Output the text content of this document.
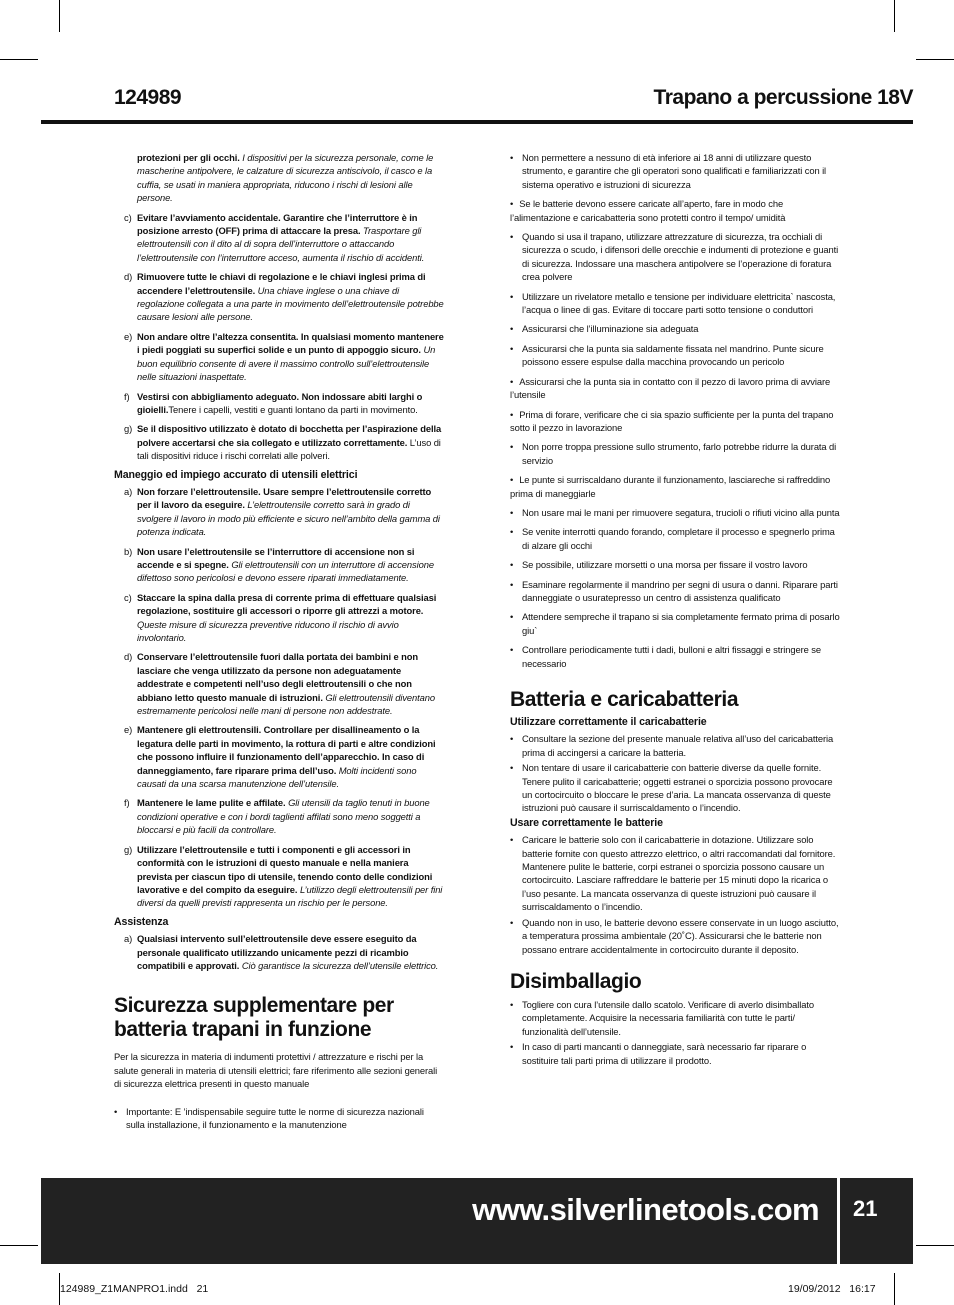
124989	Trapano a percussione 18V
protezioni per gli occhi. I dispositivi per la sicurezza personale, come le mascherine antipolvere, le calzature di sicurezza antiscivolo, il casco e la cuffia, se usati in maniera appropriata, riducono i rischi di lesioni alle persone.
c) Evitare l’avviamento accidentale. Garantire che l’interruttore è in posizione arresto (OFF) prima di attaccare la presa. Trasportare gli elettroutensili con il dito al di sopra dell’interruttore o attaccando l’elettroutensile con l’interruttore acceso, aumenta il rischio di accidenti.
d) Rimuovere tutte le chiavi di regolazione e le chiavi inglesi prima di accendere l’elettroutensile. Una chiave inglese o una chiave di regolazione collegata a una parte in movimento dell’elettroutensile potrebbe causare lesioni alle persone.
e) Non andare oltre l’altezza consentita. In qualsiasi momento mantenere i piedi poggiati su superfici solide e un punto di appoggio sicuro. Un buon equilibrio consente di avere il massimo controllo sull’elettroutensile nelle situazioni inaspettate.
f) Vestirsi con abbigliamento adeguato. Non indossare abiti larghi o gioielli.Tenere i capelli, vestiti e guanti lontano da parti in movimento.
g) Se il dispositivo utilizzato è dotato di bocchetta per l’aspirazione della polvere accertarsi che sia collegato e utilizzato correttamente. L’uso di tali dispositivi riduce i rischi correlati alle polveri.
Maneggio ed impiego accurato di utensili elettrici
a) Non forzare l’elettroutensile. Usare sempre l’elettroutensile corretto per il lavoro da eseguire. L’elettroutensile corretto sarà in grado di svolgere il lavoro in modo più efficiente e sicuro nell’ambito della gamma di potenza indicata.
b) Non usare l’elettroutensile se l’interruttore di accensione non si accende e si spegne. Gli elettroutensili con un interruttore di accensione difettoso sono pericolosi e devono essere riparati immediatamente.
c) Staccare la spina dalla presa di corrente prima di effettuare qualsiasi regolazione, sostituire gli accessori o riporre gli attrezzi a motore. Queste misure di sicurezza preventive riducono il rischio di avvio involontario.
d) Conservare l’elettroutensile fuori dalla portata dei bambini e non lasciare che venga utilizzato da persone non adeguatamente addestrate e competenti nell’uso degli elettroutensili o che non abbiano letto questo manuale di istruzioni. Gli elettroutensili diventano estremamente pericolosi nelle mani di persone non addestrate.
e) Mantenere gli elettroutensili. Controllare per disallineamento o la legatura delle parti in movimento, la rottura di parti e altre condizioni che possono influire il funzionamento dell’apparecchio. In caso di danneggiamento, fare riparare prima dell’uso. Molti incidenti sono causati da una scarsa manutenzione dell’utensile.
f) Mantenere le lame pulite e affilate. Gli utensili da taglio tenuti in buone condizioni operative e con i bordi taglienti affilati sono meno soggetti a bloccarsi e più facili da controllare.
g) Utilizzare l’elettroutensile e tutti i componenti e gli accessori in conformità con le istruzioni di questo manuale e nella maniera prevista per ciascun tipo di utensile, tenendo conto delle condizioni lavorative e del compito da eseguire. L’utilizzo degli elettroutensili per fini diversi da quelli previsti rappresenta un rischio per le persone.
Assistenza
a) Qualsiasi intervento sull’elettroutensile deve essere eseguito da personale qualificato utilizzando unicamente pezzi di ricambio compatibili e approvati. Ciò garantisce la sicurezza dell’utensile elettrico.
Sicurezza supplementare per batteria trapani in funzione
Per la sicurezza in materia di indumenti protettivi / attrezzature e rischi per la salute generali in materia di utensili elettrici; fare riferimento alle sezioni generali di sicurezza elettrica presenti in questo manuale
• Importante: E ’indispensabile seguire tutte le norme di sicurezza nazionali sulla installazione, il funzionamento e la manutenzione
• Non permettere a nessuno di età inferiore ai 18 anni di utilizzare questo strumento, e garantire che gli operatori sono qualificati e familiarizzati con il sistema operativo e istruzioni di sicurezza
• Se le batterie devono essere caricate all’aperto, fare in modo che l’alimentazione e caricabatteria sono protetti contro il tempo/ umidità
• Quando si usa il trapano, utilizzare attrezzature di sicurezza, tra occhiali di sicurezza o scudo, i difensori delle orecchie e indumenti di protezione e guanti di sicurezza. Indossare una maschera antipolvere se l’operazione di foratura crea polvere
• Utilizzare un rivelatore metallo e tensione per individuare elettricita` nascosta, l’acqua o linee di gas. Evitare di toccare parti sotto tensione o conduttori
• Assicurarsi che l’illuminazione sia adeguata
• Assicurarsi che la punta sia saldamente fissata nel mandrino. Punte sicure poissono essere espulse dalla macchina provocando un pericolo
• Assicurarsi che la punta sia in contatto con il pezzo di lavoro prima di avviare l’utensile
• Prima di forare, verificare che ci sia spazio sufficiente per la punta del trapano sotto il pezzo in lavorazione
• Non porre troppa pressione sullo strumento, farlo potrebbe ridurre la durata di servizio
• Le punte si surriscaldano durante il funzionamento, lasciareche si raffreddino prima di maneggiarle
• Non usare mai le mani per rimuovere segatura, trucioli o rifiuti vicino alla punta
• Se venite interrotti quando forando, completare il processo e spegnerlo prima di alzare gli occhi
• Se possibile, utilizzare morsetti o una morsa per fissare il vostro lavoro
• Esaminare regolarmente il mandrino per segni di usura o danni. Riparare parti danneggiate o usuratepresso un centro di assistenza qualificato
• Attendere sempreche il trapano si sia completamente fermato prima di posarlo giu`
• Controllare periodicamente tutti i dadi, bulloni e altri fissaggi e stringere se necessario
Batteria e caricabatteria
Utilizzare correttamente il caricabatterie
• Consultare la sezione del presente manuale relativa all’uso del caricabatteria prima di accingersi a caricare la batteria.
• Non tentare di usare il caricabatterie con batterie diverse da quelle fornite. Tenere pulito il caricabatterie; oggetti estranei o sporcizia possono provocare un cortocircuito o bloccare le prese d’aria. La mancata osservanza di queste istruzioni può causare il surriscaldamento o l’incendio.
Usare correttamente le batterie
• Caricare le batterie solo con il caricabatterie in dotazione. Utilizzare solo batterie fornite con questo attrezzo elettrico, o altri raccomandati dal fornitore. Mantenere pulite le batterie, corpi estranei o sporcizia possono causare un cortocircuito. Lasciare raffreddare le batterie per 15 minuti dopo la ricarica o l’uso pesante. La mancata osservanza di queste istruzioni può causare il surriscaldamento o l’incendio.
• Quando non in uso, le batterie devono essere conservate in un luogo asciutto, a temperatura prossima ambientale (20˚C). Assicurarsi che le batterie non possano entrare accidentalmente in cortocircuito durante il deposito.
Disimballagio
• Togliere con cura l’utensile dallo scatolo. Verificare di averlo disimballato completamente. Acquisire la necessaria familiarità con tutte le parti/ funzionalità dell’utensile.
• In caso di parti mancanti o danneggiate, sarà necessario far riparare o sostituire tali parti prima di utilizzare il prodotto.
www.silverlinetools.com 21
124989_Z1MANPRO1.indd   21	19/09/2012   16:17
